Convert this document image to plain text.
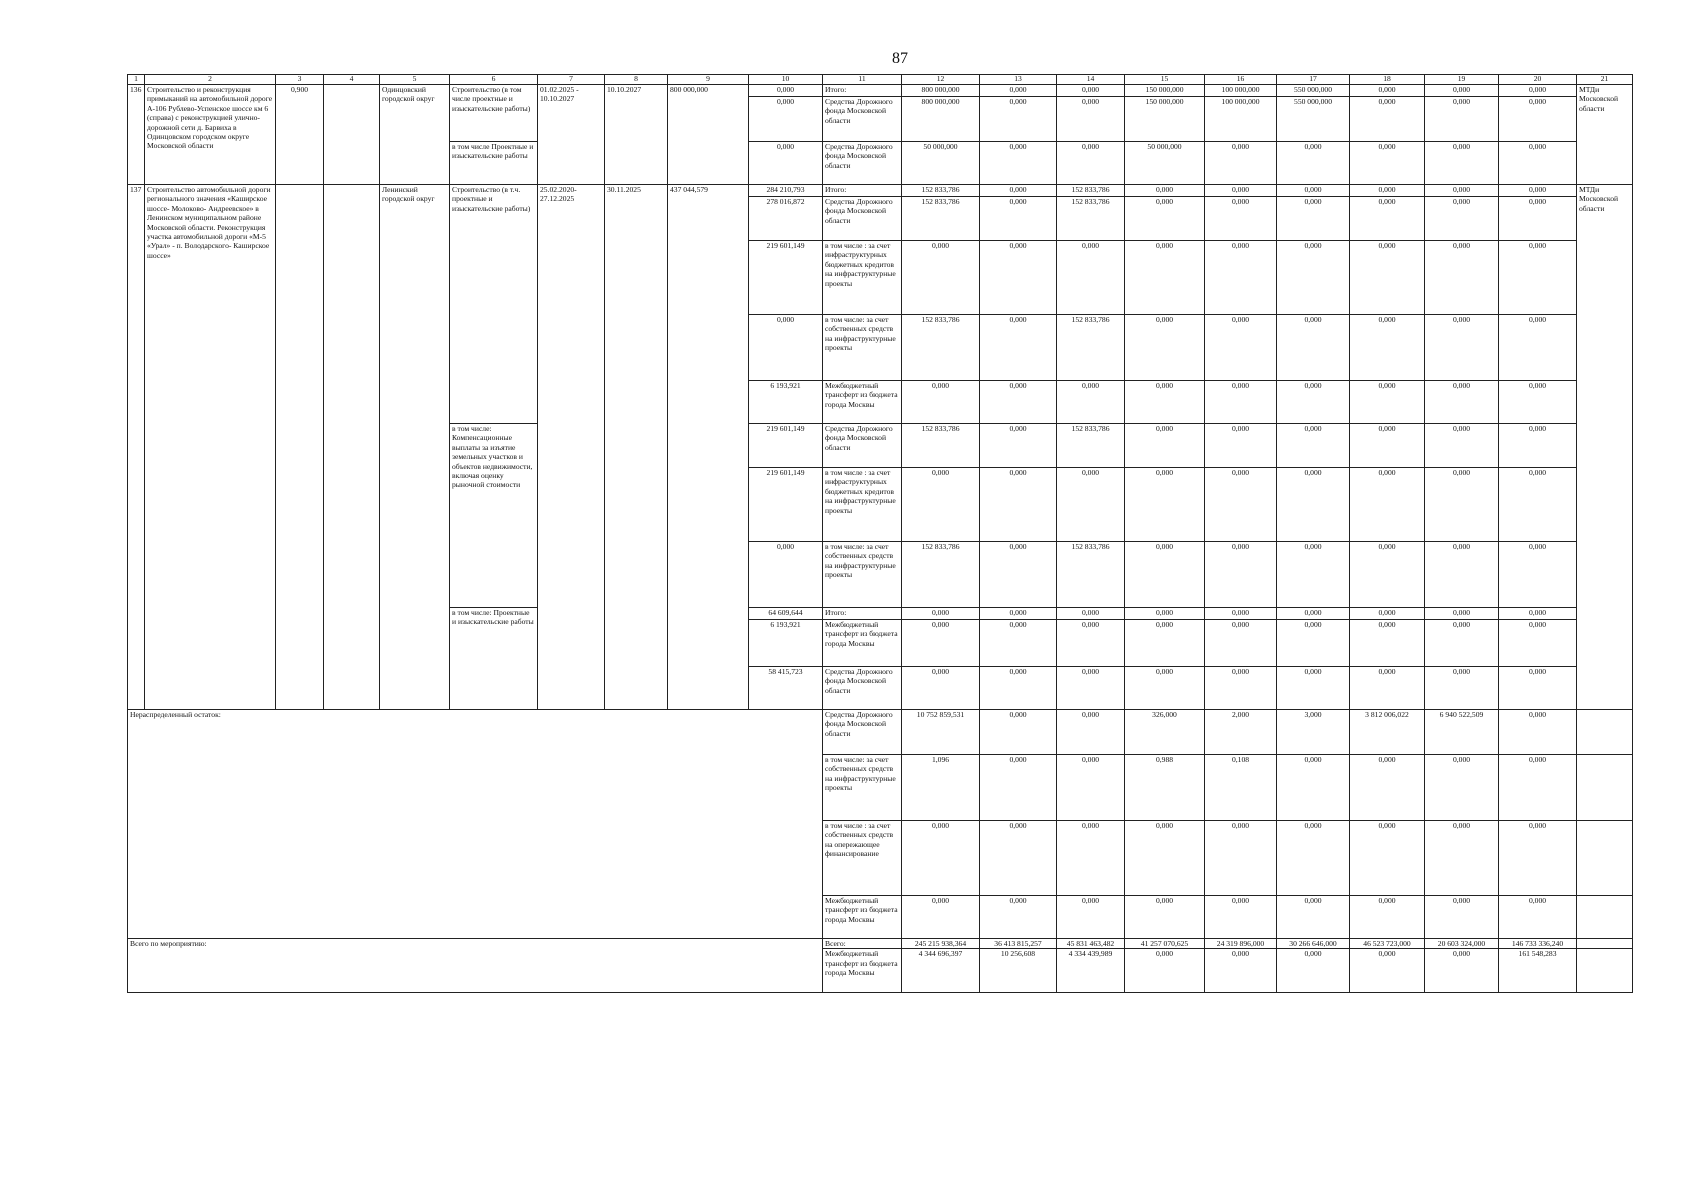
87
1	2	3	4	5	6	7	8	9	10	11	12	13	14	15	16	17	18	19	20	21
136	Строительство и реконструкция примыканий на автомобильной дороге А-106 Рублево-Успенское шоссе км 6 (справа) с реконструкцией улично-дорожной сети д. Барвиха в Одинцовском городском округе Московской области	0,900		Одинцовский городской округ	Строительство (в том числе проектные и изыскательские работы)	01.02.2025 - 10.10.2027	10.10.2027	800 000,000	0,000	Итого:	800 000,000	0,000	0,000	150 000,000	100 000,000	550 000,000	0,000	0,000	0,000	МТДи Московской области
									0,000	Средства Дорожного фонда Московской области	800 000,000	0,000	0,000	150 000,000	100 000,000	550 000,000	0,000	0,000	0,000	
					в том числе Проектные и изыскательские работы				0,000	Средства Дорожного фонда Московской области	50 000,000	0,000	0,000	50 000,000	0,000	0,000	0,000	0,000	0,000	
137	Строительство автомобильной дороги регионального значения «Каширское шоссе- Молоково- Андреевское» в Ленинском муниципальном районе Московской области. Реконструкция участка автомобильной дороги «М-5 «Урал» - п. Володарского- Каширское шоссе»			Ленинский городской округ	Строительство (в т.ч. проектные и изыскательские работы)	25.02.2020- 27.12.2025	30.11.2025	437 044,579	284 210,793	Итого:	152 833,786	0,000	152 833,786	0,000	0,000	0,000	0,000	0,000	0,000	МТДи Московской области
									278 016,872	Средства Дорожного фонда Московской области	152 833,786	0,000	152 833,786	0,000	0,000	0,000	0,000	0,000	0,000	
									219 601,149	в том числе : за счет инфраструктурных бюджетных кредитов на инфраструктурные проекты	0,000	0,000	0,000	0,000	0,000	0,000	0,000	0,000	0,000	
									0,000	в том числе: за счет собственных средств на инфраструктурные проекты	152 833,786	0,000	152 833,786	0,000	0,000	0,000	0,000	0,000	0,000	
									6 193,921	Межбюджетный трансферт из бюджета города Москвы	0,000	0,000	0,000	0,000	0,000	0,000	0,000	0,000	0,000	
					в том числе: Компенсационные выплаты за изъятие земельных участков и объектов недвижимости, включая оценку рыночной стоимости				219 601,149	Средства Дорожного фонда Московской области	152 833,786	0,000	152 833,786	0,000	0,000	0,000	0,000	0,000	0,000	
									219 601,149	в том числе : за счет инфраструктурных бюджетных кредитов на инфраструктурные проекты	0,000	0,000	0,000	0,000	0,000	0,000	0,000	0,000	0,000	
									0,000	в том числе: за счет собственных средств на инфраструктурные проекты	152 833,786	0,000	152 833,786	0,000	0,000	0,000	0,000	0,000	0,000	
					в том числе: Проектные и изыскательские работы				64 609,644	Итого:	0,000	0,000	0,000	0,000	0,000	0,000	0,000	0,000	0,000	
									6 193,921	Межбюджетный трансферт из бюджета города Москвы	0,000	0,000	0,000	0,000	0,000	0,000	0,000	0,000	0,000	
									58 415,723	Средства Дорожного фонда Московской области	0,000	0,000	0,000	0,000	0,000	0,000	0,000	0,000	0,000	
Нераспределенный остаток:										Средства Дорожного фонда Московской области	10 752 859,531	0,000	0,000	326,000	2,000	3,000	3 812 006,022	6 940 522,509	0,000	
										в том числе: за счет собственных средств на инфраструктурные проекты	1,096	0,000	0,000	0,988	0,108	0,000	0,000	0,000	0,000	
										в том числе : за счет собственных средств на опережающее финансирование	0,000	0,000	0,000	0,000	0,000	0,000	0,000	0,000	0,000	
										Межбюджетный трансферт из бюджета города Москвы	0,000	0,000	0,000	0,000	0,000	0,000	0,000	0,000	0,000	
Всего по мероприятию:										Всего:	245 215 938,364	36 413 815,257	45 831 463,482	41 257 070,625	24 319 896,000	30 266 646,000	46 523 723,000	20 603 324,000	146 733 336,240	
										Межбюджетный трансферт из бюджета города Москвы	4 344 696,397	10 256,608	4 334 439,989	0,000	0,000	0,000	0,000	0,000	161 548,283	
